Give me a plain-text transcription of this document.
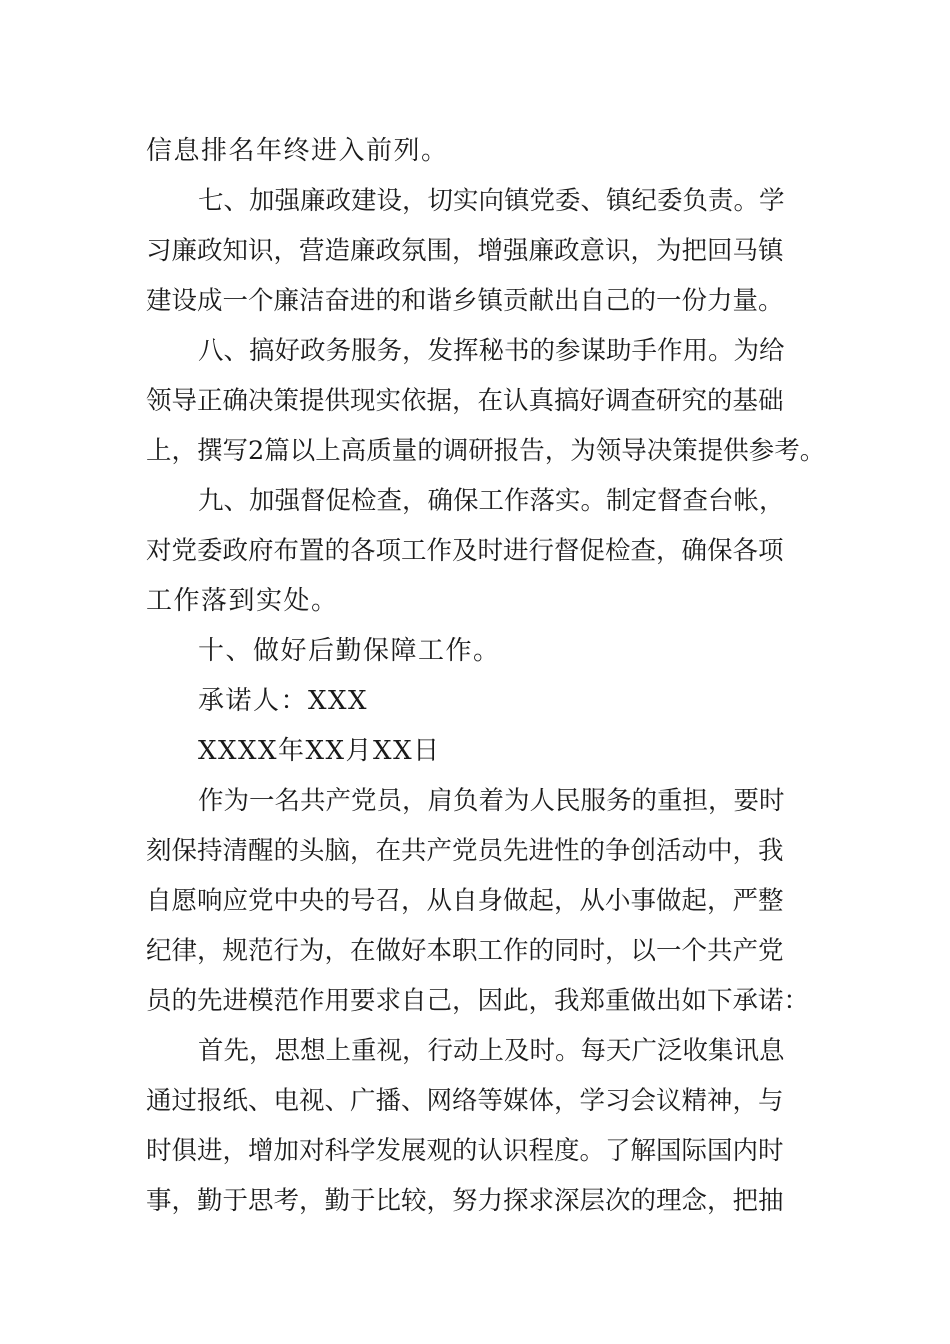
信息排名年终进入前列。
七、加强廉政建设，切实向镇党委、镇纪委负责。学
习廉政知识，营造廉政氛围，增强廉政意识，为把回马镇
建设成一个廉洁奋进的和谐乡镇贡献出自己的一份力量。
八、搞好政务服务，发挥秘书的参谋助手作用。为给
领导正确决策提供现实依据，在认真搞好调查研究的基础
上，撰写2篇以上高质量的调研报告，为领导决策提供参考。
九、加强督促检查，确保工作落实。制定督查台帐，
对党委政府布置的各项工作及时进行督促检查，确保各项
工作落到实处。
十、做好后勤保障工作。
承诺人：XXX
XXXX年XX月XX日
作为一名共产党员，肩负着为人民服务的重担，要时
刻保持清醒的头脑，在共产党员先进性的争创活动中，我
自愿响应党中央的号召，从自身做起，从小事做起，严整
纪律，规范行为，在做好本职工作的同时，以一个共产党
员的先进模范作用要求自己，因此，我郑重做出如下承诺：
首先，思想上重视，行动上及时。每天广泛收集讯息
通过报纸、电视、广播、网络等媒体，学习会议精神，与
时俱进，增加对科学发展观的认识程度。了解国际国内时
事，勤于思考，勤于比较，努力探求深层次的理念，把抽
